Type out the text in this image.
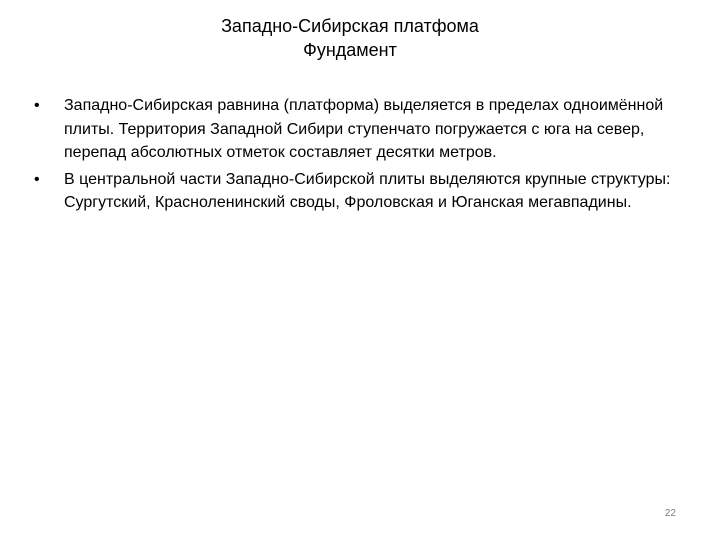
Западно-Сибирская платфома
Фундамент
• Западно-Сибирская равнина (платформа) выделяется в пределах одноимённой плиты. Территория Западной Сибири ступенчато погружается с юга на север, перепад абсолютных отметок составляет десятки метров.
• В центральной части Западно-Сибирской плиты выделяются крупные структуры: Сургутский, Красноленинский своды, Фроловская и Юганская мегавпадины.
22
